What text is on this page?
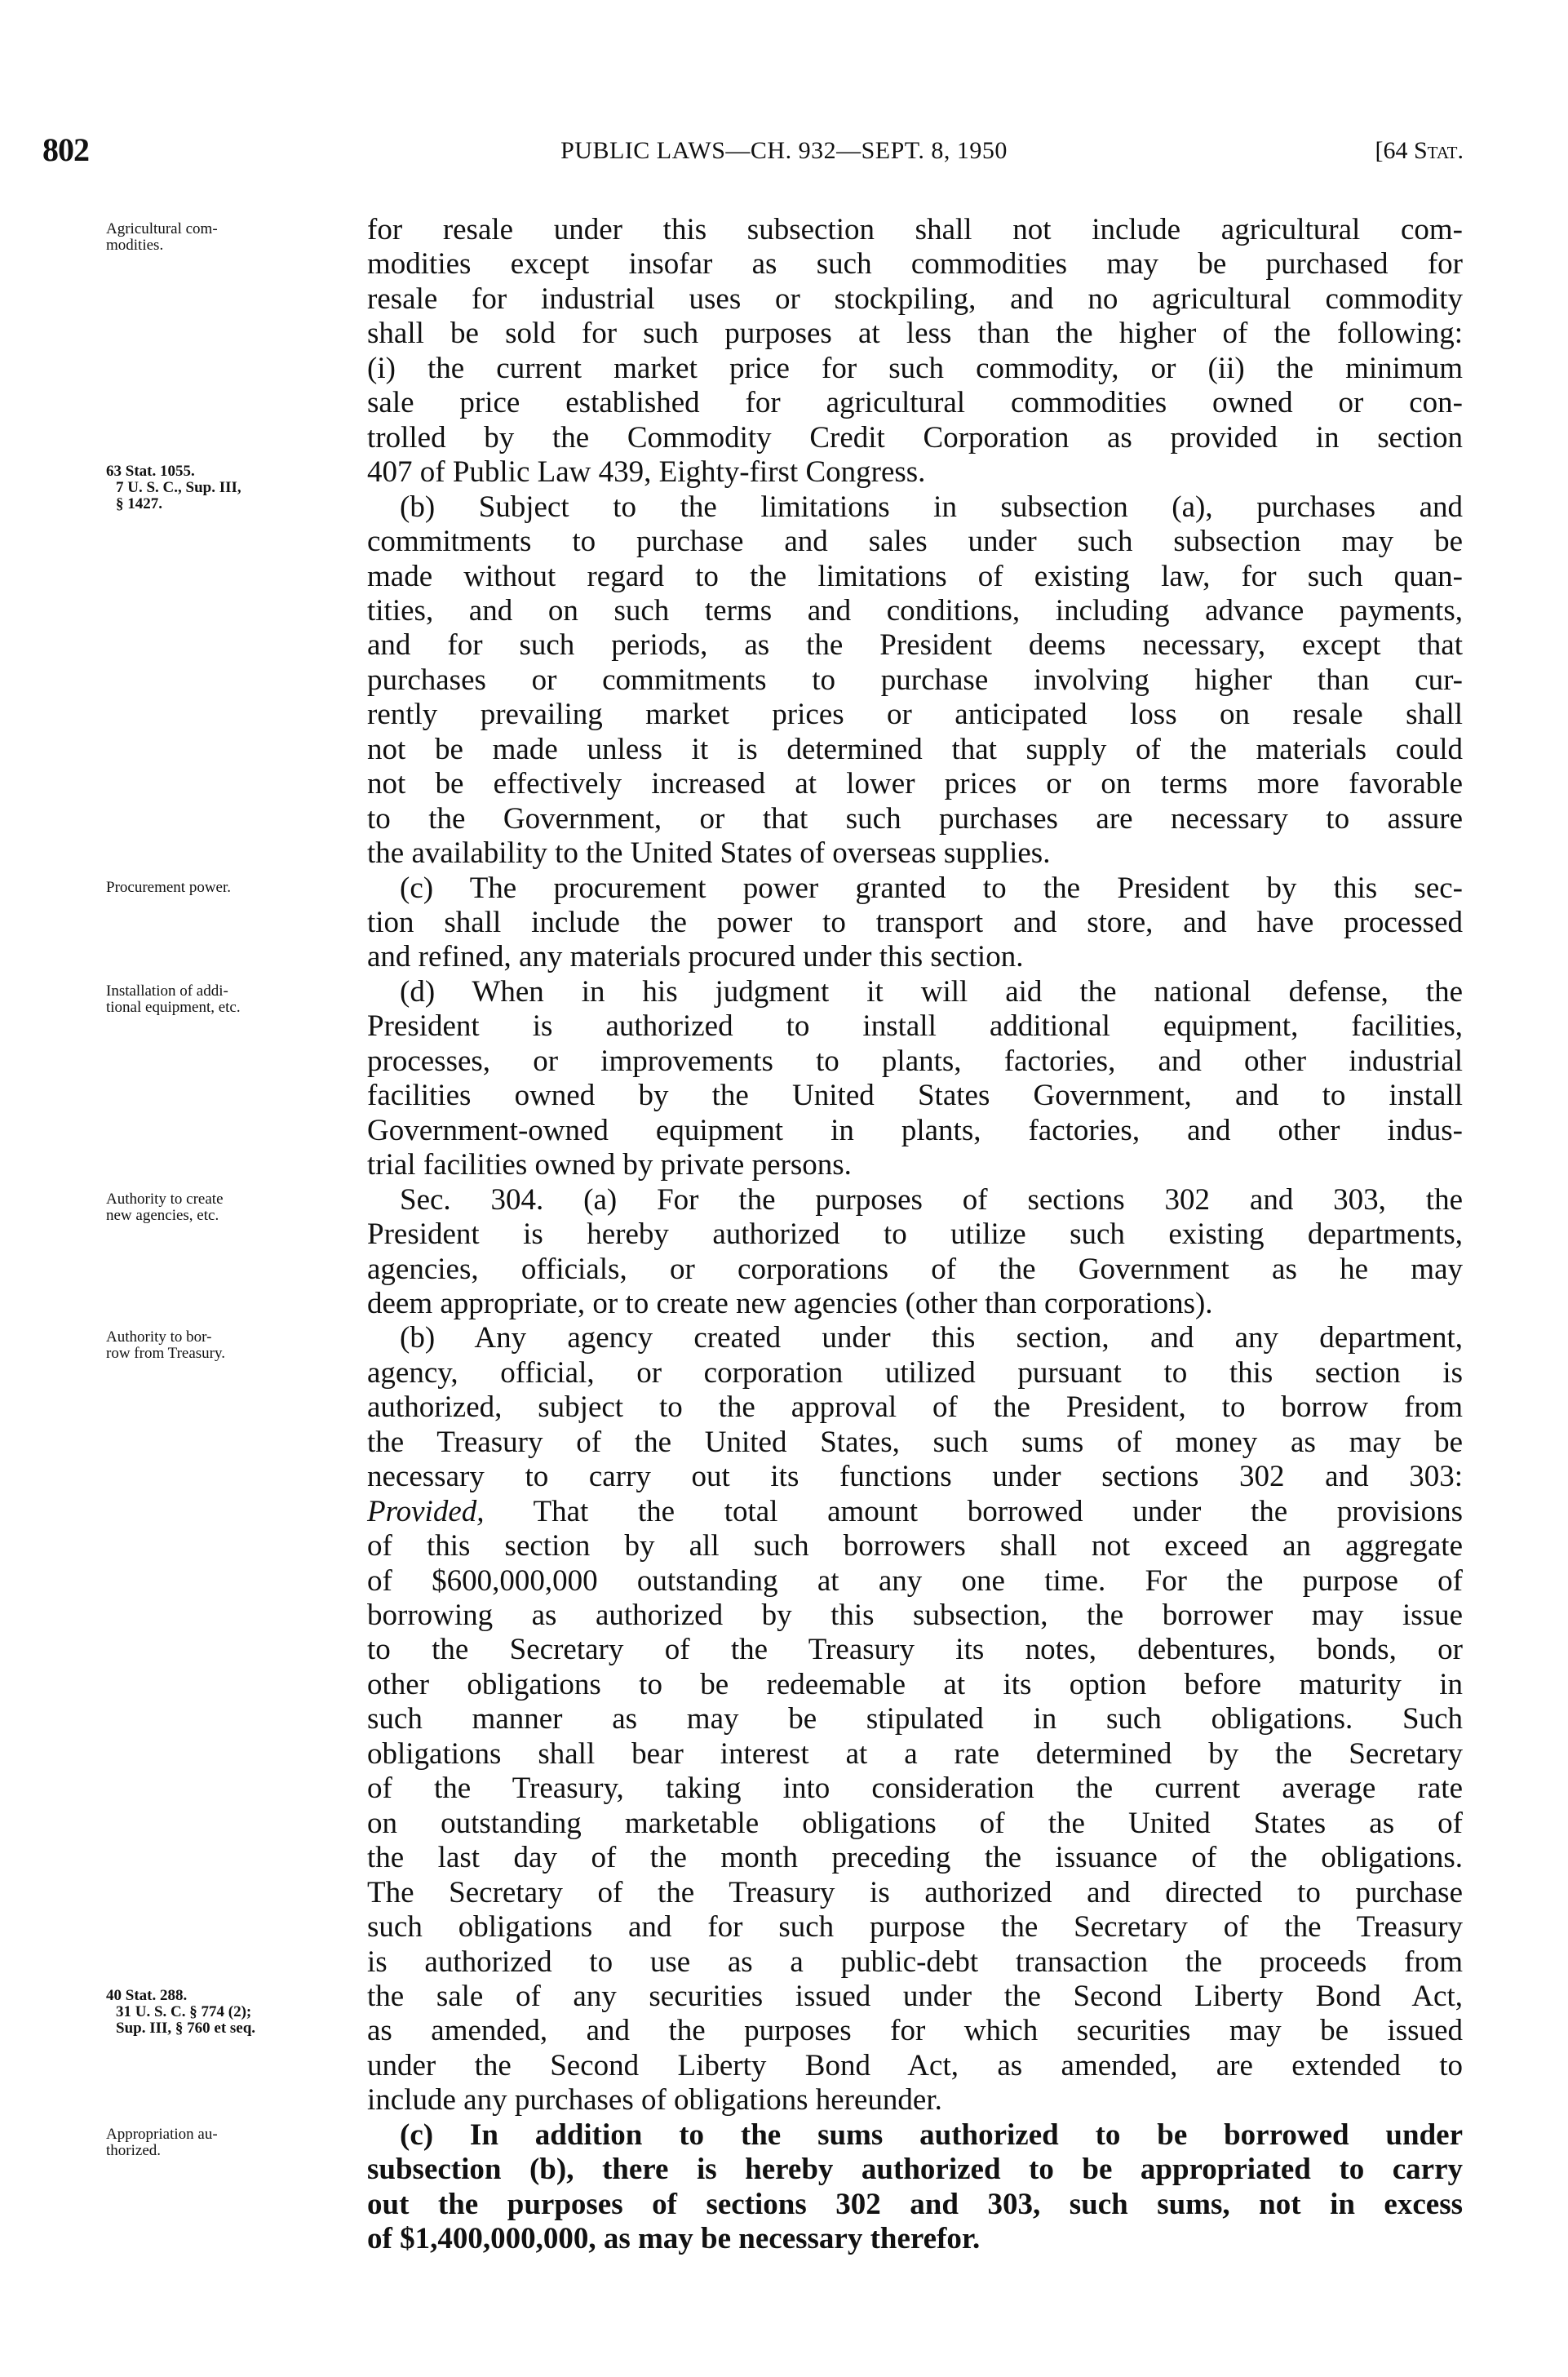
802	PUBLIC LAWS—CH. 932—SEPT. 8, 1950	[64 Stat.
Agricultural com-
modities.
63 Stat. 1055.
7 U. S. C., Sup. III,
§ 1427.
Procurement power.
Installation of addi-
tional equipment, etc.
Authority to create
new agencies, etc.
Authority to bor-
row from Treasury.
40 Stat. 288.
31 U. S. C. § 774 (2);
Sup. III, § 760 et seq.
Appropriation au-
thorized.
for resale under this subsection shall not include agricultural com-
modities except insofar as such commodities may be purchased for
resale for industrial uses or stockpiling, and no agricultural commodity
shall be sold for such purposes at less than the higher of the following:
(i) the current market price for such commodity, or (ii) the minimum
sale price established for agricultural commodities owned or con-
trolled by the Commodity Credit Corporation as provided in section
407 of Public Law 439, Eighty-first Congress.
(b) Subject to the limitations in subsection (a), purchases and
commitments to purchase and sales under such subsection may be
made without regard to the limitations of existing law, for such quan-
tities, and on such terms and conditions, including advance payments,
and for such periods, as the President deems necessary, except that
purchases or commitments to purchase involving higher than cur-
rently prevailing market prices or anticipated loss on resale shall
not be made unless it is determined that supply of the materials could
not be effectively increased at lower prices or on terms more favorable
to the Government, or that such purchases are necessary to assure
the availability to the United States of overseas supplies.
(c) The procurement power granted to the President by this sec-
tion shall include the power to transport and store, and have processed
and refined, any materials procured under this section.
(d) When in his judgment it will aid the national defense, the
President is authorized to install additional equipment, facilities,
processes, or improvements to plants, factories, and other industrial
facilities owned by the United States Government, and to install
Government-owned equipment in plants, factories, and other indus-
trial facilities owned by private persons.
Sec. 304. (a) For the purposes of sections 302 and 303, the
President is hereby authorized to utilize such existing departments,
agencies, officials, or corporations of the Government as he may
deem appropriate, or to create new agencies (other than corporations).
(b) Any agency created under this section, and any department,
agency, official, or corporation utilized pursuant to this section is
authorized, subject to the approval of the President, to borrow from
the Treasury of the United States, such sums of money as may be
necessary to carry out its functions under sections 302 and 303:
Provided, That the total amount borrowed under the provisions
of this section by all such borrowers shall not exceed an aggregate
of $600,000,000 outstanding at any one time. For the purpose of
borrowing as authorized by this subsection, the borrower may issue
to the Secretary of the Treasury its notes, debentures, bonds, or
other obligations to be redeemable at its option before maturity in
such manner as may be stipulated in such obligations. Such
obligations shall bear interest at a rate determined by the Secretary
of the Treasury, taking into consideration the current average rate
on outstanding marketable obligations of the United States as of
the last day of the month preceding the issuance of the obligations.
The Secretary of the Treasury is authorized and directed to purchase
such obligations and for such purpose the Secretary of the Treasury
is authorized to use as a public-debt transaction the proceeds from
the sale of any securities issued under the Second Liberty Bond Act,
as amended, and the purposes for which securities may be issued
under the Second Liberty Bond Act, as amended, are extended to
include any purchases of obligations hereunder.
(c) In addition to the sums authorized to be borrowed under
subsection (b), there is hereby authorized to be appropriated to carry
out the purposes of sections 302 and 303, such sums, not in excess
of $1,400,000,000, as may be necessary therefor.
